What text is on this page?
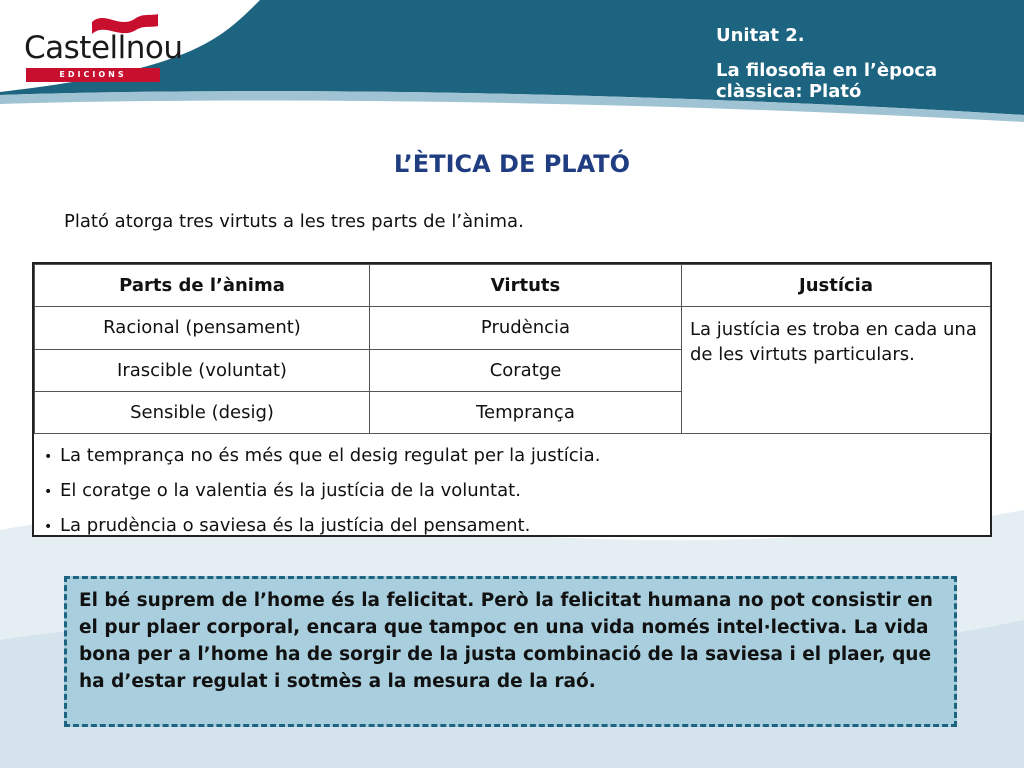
Castellnou
EDICIONS
Unitat 2.
La filosofia en l’època clàssica: Plató
L’ÈTICA DE PLATÓ
Plató atorga tres virtuts a les tres parts de l’ànima.
Parts de l’ànima	Virtuts	Justícia
Racional (pensament)	Prudència	La justícia es troba en cada una de les virtuts particulars.
Irascible (voluntat)	Coratge	
Sensible (desig)	Temprança	
• La temprança no és més que el desig regulat per la justícia.
• El coratge o la valentia és la justícia de la voluntat.
• La prudència o saviesa és la justícia del pensament.
El bé suprem de l’home és la felicitat. Però la felicitat humana no pot consistir en el pur plaer corporal, encara que tampoc en una vida només intel·lectiva. La vida bona per a l’home ha de sorgir de la justa combinació de la saviesa i el plaer, que ha d’estar regulat i sotmès a la mesura de la raó.
